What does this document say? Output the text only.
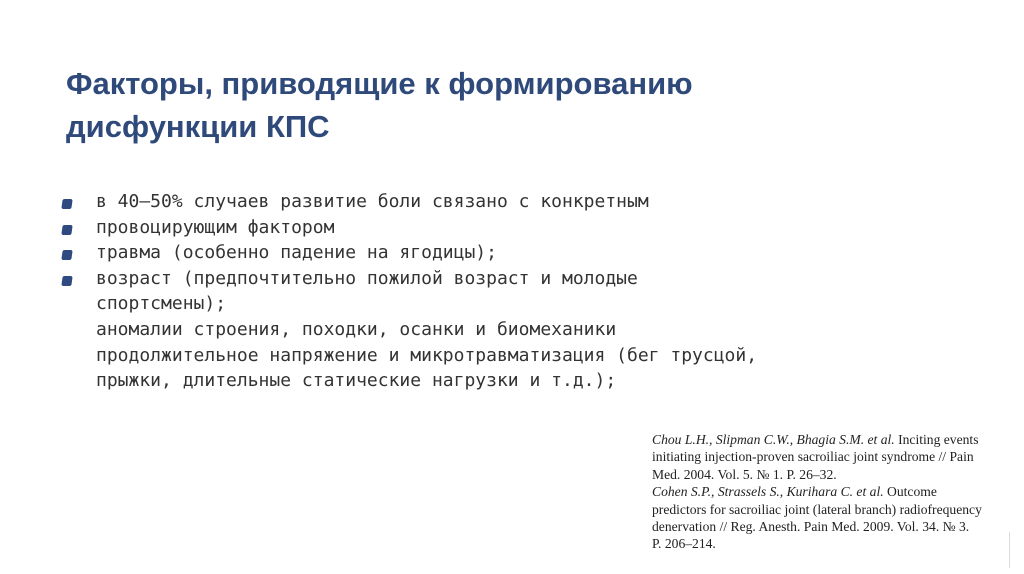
Факторы, приводящие к формированию
дисфункции КПС
в 40–50% случаев развитие боли связано с конкретным
провоцирующим фактором
травма (особенно падение на ягодицы);
возраст (предпочтительно пожилой возраст и молодые
спортсмены);
аномалии строения, походки, осанки и биомеханики
продолжительное напряжение и микротравматизация (бег трусцой,
прыжки, длительные статические нагрузки и т.д.);

Chou L.H., Slipman C.W., Bhagia S.M. et al. Inciting events initiating injection-proven sacroiliac joint syndrome // Pain Med. 2004. Vol. 5. № 1. P. 26–32.

Cohen S.P., Strassels S., Kurihara C. et al. Outcome predictors for sacroiliac joint (lateral branch) radiofrequency denervation // Reg. Anesth. Pain Med. 2009. Vol. 34. № 3. P. 206–214.
